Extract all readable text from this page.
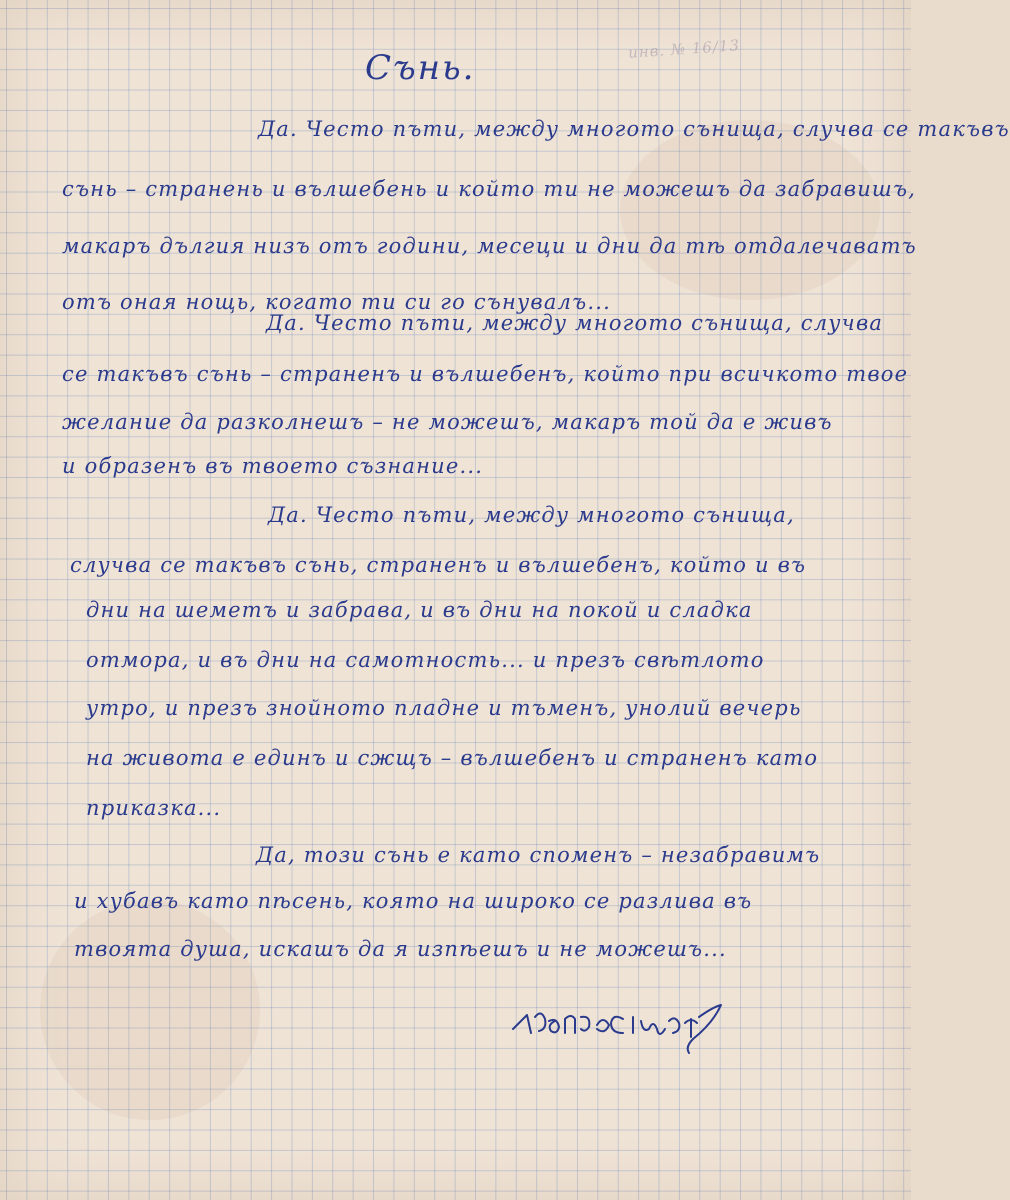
инв. № 16/13
Сънь.
Да. Често пъти, между многото сънища, случва се такъвъ
сънь – странень и вълшебень и който ти не можешъ да забравишъ,
макаръ дългия низъ отъ години, месеци и дни да тѣ отдалечаватъ
отъ оная нощь, когато ти си го сънувалъ...
Да. Често пъти, между многото сънища, случва
се такъвъ сънь – страненъ и вълшебенъ, който при всичкото твое
желание да разколнешъ – не можешъ, макаръ той да е живъ
и образенъ въ твоето съзнание...
Да. Често пъти, между многото сънища,
случва се такъвъ сънь, страненъ и вълшебенъ, който и въ
дни на шеметъ и забрава, и въ дни на покой и сладка
отмора, и въ дни на самотность... и презъ свѣтлото
утро, и презъ знойното пладне и тъменъ, унолий вечерь
на живота е единъ и сжщъ – вълшебенъ и страненъ като
приказка...
Да, този сънь е като споменъ – незабравимъ
и хубавъ като пѣсень, която на широко се разлива въ
твоята душа, искашъ да я изпѣешъ и не можешъ...
